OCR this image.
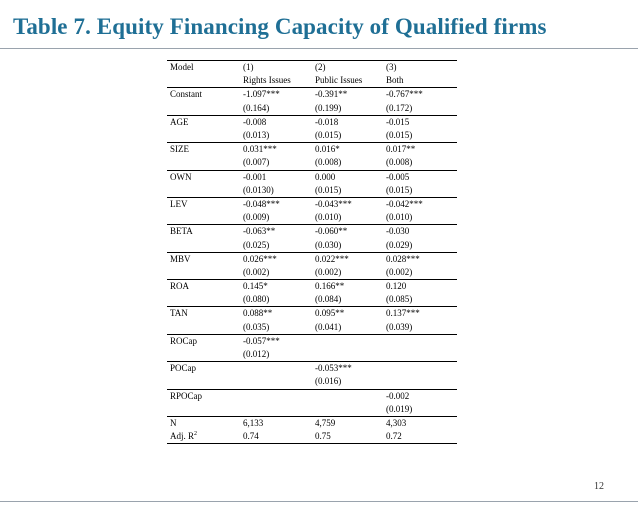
Table 7. Equity Financing Capacity of Qualified firms
Model	(1)	(2)	(3)
	Rights Issues	Public Issues	Both
Constant	-1.097***	-0.391**	-0.767***
	(0.164)	(0.199)	(0.172)
AGE	-0.008	-0.018	-0.015
	(0.013)	(0.015)	(0.015)
SIZE	0.031***	0.016*	0.017**
	(0.007)	(0.008)	(0.008)
OWN	-0.001	0.000	-0.005
	(0.0130)	(0.015)	(0.015)
LEV	-0.048***	-0.043***	-0.042***
	(0.009)	(0.010)	(0.010)
BETA	-0.063**	-0.060**	-0.030
	(0.025)	(0.030)	(0.029)
MBV	0.026***	0.022***	0.028***
	(0.002)	(0.002)	(0.002)
ROA	0.145*	0.166**	0.120
	(0.080)	(0.084)	(0.085)
TAN	0.088**	0.095**	0.137***
	(0.035)	(0.041)	(0.039)
ROCap	-0.057***		
	(0.012)		
POCap		-0.053***	
		(0.016)	
RPOCap			-0.002
			(0.019)
N	6,133	4,759	4,303
Adj. $R^2$	0.74	0.75	0.72
12
